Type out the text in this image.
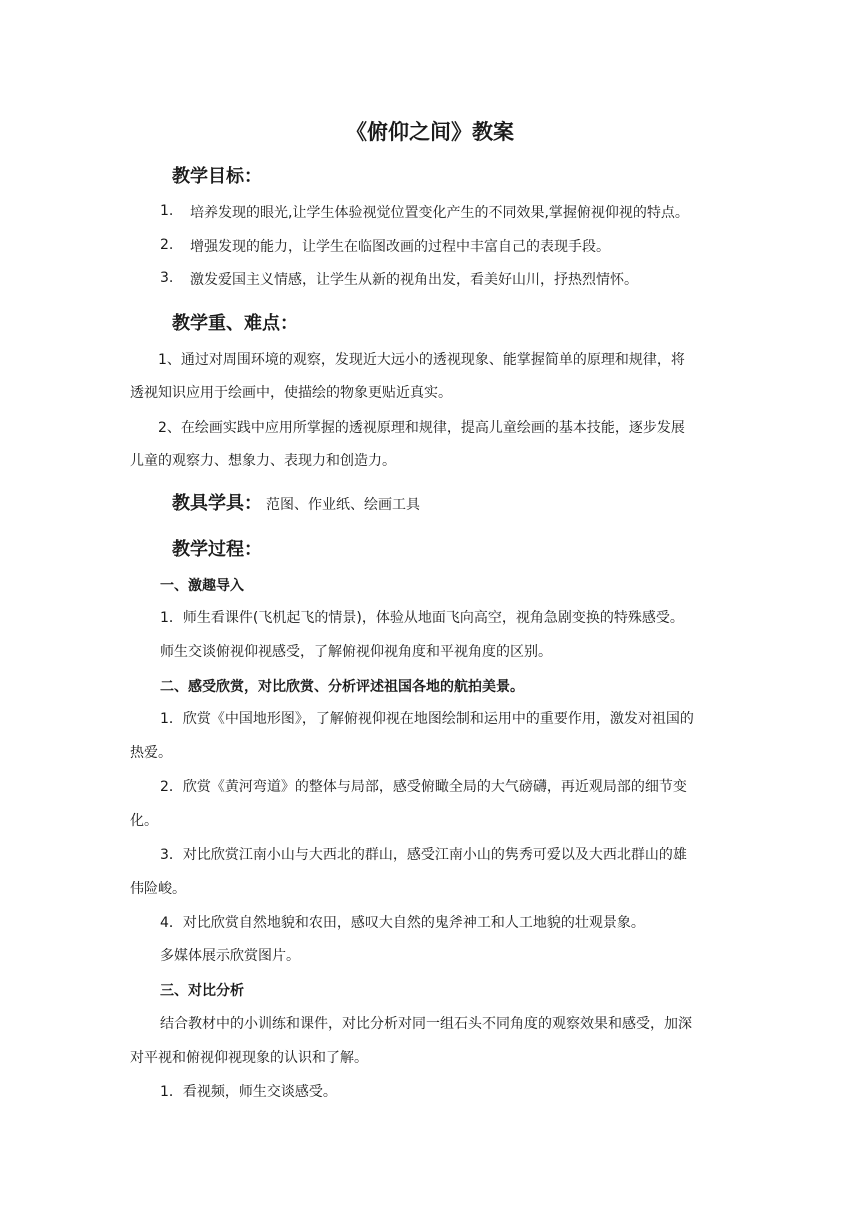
《俯仰之间》教案
教学目标：
1. 培养发现的眼光,让学生体验视觉位置变化产生的不同效果,掌握俯视仰视的特点。
2. 增强发现的能力，让学生在临图改画的过程中丰富自己的表现手段。
3. 激发爱国主义情感，让学生从新的视角出发，看美好山川，抒热烈情怀。
教学重、难点：
1、通过对周围环境的观察，发现近大远小的透视现象、能掌握简单的原理和规律，将
透视知识应用于绘画中，使描绘的物象更贴近真实。
2、在绘画实践中应用所掌握的透视原理和规律，提高儿童绘画的基本技能，逐步发展
儿童的观察力、想象力、表现力和创造力。
教具学具： 范图、作业纸、绘画工具
教学过程：
一、激趣导入
1．师生看课件(飞机起飞的情景)，体验从地面飞向高空，视角急剧变换的特殊感受。
师生交谈俯视仰视感受，了解俯视仰视角度和平视角度的区别。
二、感受欣赏，对比欣赏、分析评述祖国各地的航拍美景。
1．欣赏《中国地形图》，了解俯视仰视在地图绘制和运用中的重要作用，激发对祖国的
热爱。
2．欣赏《黄河弯道》的整体与局部，感受俯瞰全局的大气磅礴，再近观局部的细节变
化。
3．对比欣赏江南小山与大西北的群山，感受江南小山的隽秀可爱以及大西北群山的雄
伟险峻。
4．对比欣赏自然地貌和农田，感叹大自然的鬼斧神工和人工地貌的壮观景象。
多媒体展示欣赏图片。
三、对比分析
结合教材中的小训练和课件，对比分析对同一组石头不同角度的观察效果和感受，加深
对平视和俯视仰视现象的认识和了解。
1．看视频，师生交谈感受。
